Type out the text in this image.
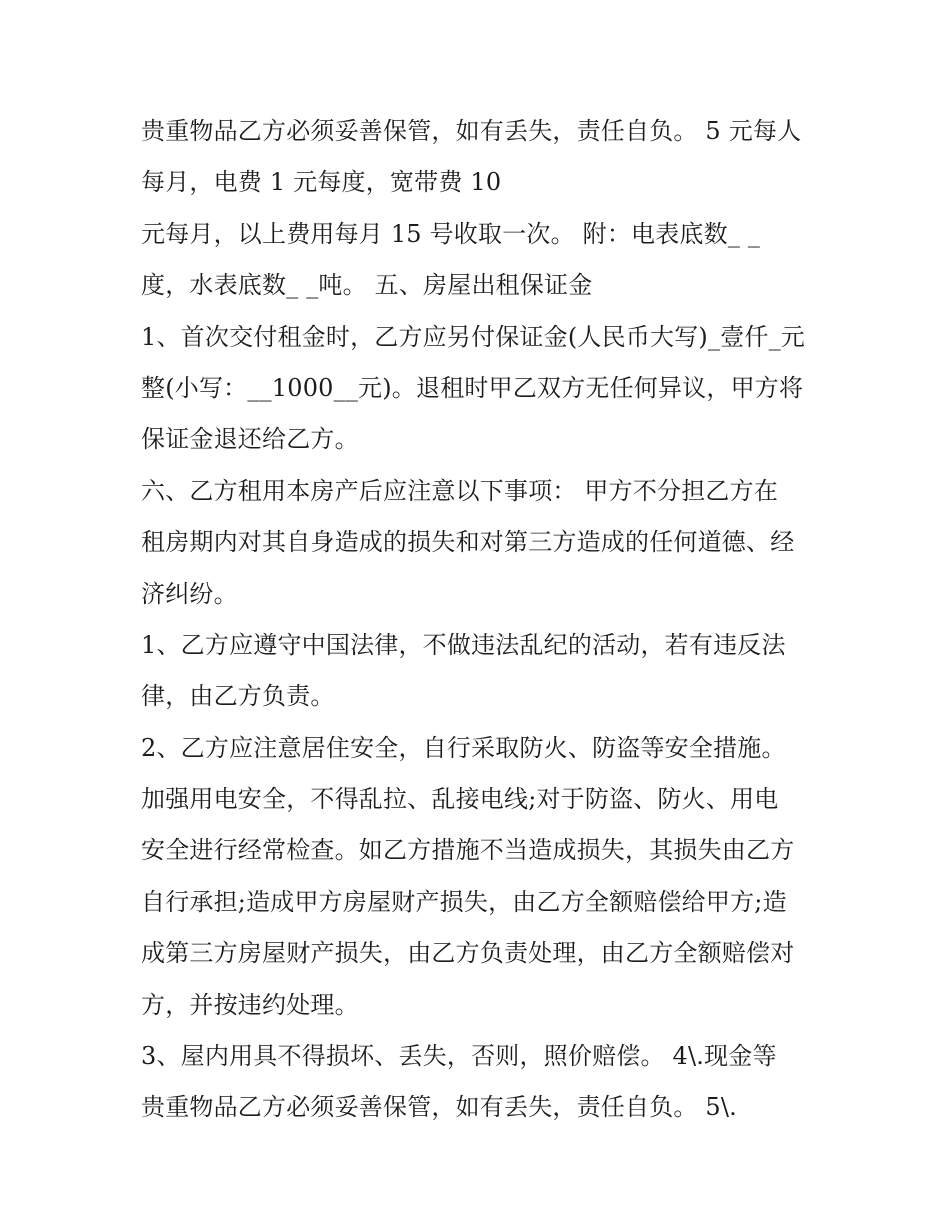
贵重物品乙方必须妥善保管，如有丢失，责任自负。 5 元每人
每月，电费 1 元每度，宽带费 10
元每月，以上费用每月 15 号收取一次。 附：电表底数_ _
度，水表底数_ _吨。 五、房屋出租保证金
1、首次交付租金时，乙方应另付保证金(人民币大写)_壹仟_元
整(小写：__1000__元)。退租时甲乙双方无任何异议，甲方将
保证金退还给乙方。
六、乙方租用本房产后应注意以下事项： 甲方不分担乙方在
租房期内对其自身造成的损失和对第三方造成的任何道德、经
济纠纷。
1、乙方应遵守中国法律，不做违法乱纪的活动，若有违反法
律，由乙方负责。
2、乙方应注意居住安全，自行采取防火、防盗等安全措施。
加强用电安全，不得乱拉、乱接电线;对于防盗、防火、用电
安全进行经常检查。如乙方措施不当造成损失，其损失由乙方
自行承担;造成甲方房屋财产损失，由乙方全额赔偿给甲方;造
成第三方房屋财产损失，由乙方负责处理，由乙方全额赔偿对
方，并按违约处理。
3、屋内用具不得损坏、丢失，否则，照价赔偿。 4\.现金等
贵重物品乙方必须妥善保管，如有丢失，责任自负。 5\.
